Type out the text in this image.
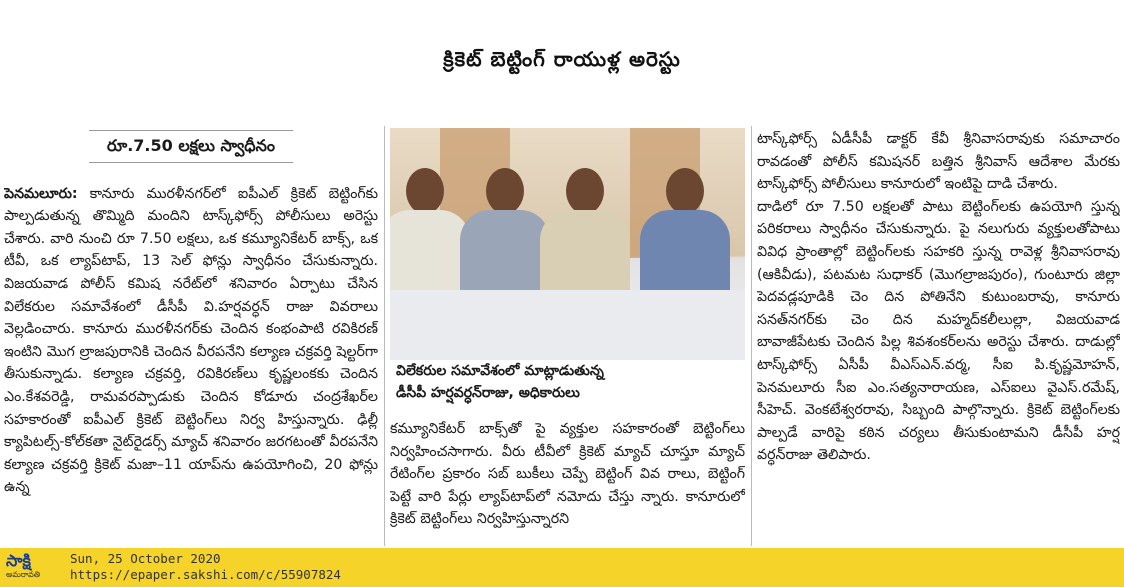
క్రికెట్ బెట్టింగ్ రాయుళ్ల అరెస్టు
రూ.7.50 లక్షలు స్వాధీనం

పెనమలూరు: కానూరు మురళీనగర్‌లో ఐపీఎల్ క్రికెట్ బెట్టింగ్‌కు పాల్పడుతున్న తొమ్మిది మందిని టాస్క్‌ఫోర్స్ పోలీసులు అరెస్టు చేశారు. వారి నుంచి రూ 7.50 లక్షలు, ఒక కమ్యూనికేటర్ బాక్స్, ఒక టీవీ, ఒక ల్యాప్‌టాప్, 13 సెల్ ఫోన్లు స్వాధీనం చేసుకున్నారు. విజయవాడ పోలీస్ కమిష నరేట్‌లో శనివారం ఏర్పాటు చేసిన విలేకరుల సమావేశంలో డీసీపీ వి.హర్షవర్ధన్ రాజు వివరాలు వెల్లడించారు. కానూరు మురళీనగర్‌కు చెందిన కంభంపాటి రవికిరణ్ ఇంటిని మొగ ల్రాజపురానికి చెందిన వీరపనేని కల్యాణ చక్రవర్తి షెల్టర్‌గా తీసుకున్నాడు. కల్యాణ చక్రవర్తి, రవికిరణ్‌లు కృష్ణలంకకు చెందిన ఎం.కేశవరెడ్డి, రామవరప్పాడుకు చెందిన కోడూరు చంద్రశేఖర్‌ల సహకారంతో ఐపీఎల్ క్రికెట్ బెట్టింగ్‌లు నిర్వ హిస్తున్నారు. ఢిల్లీ క్యాపిటల్స్-కోల్‌కతా నైట్‌రైడర్స్ మ్యాచ్ శనివారం జరగటంతో వీరపనేని కల్యాణ చక్రవర్తి క్రికెట్ మజా–11 యాప్‌ను ఉపయోగించి, 20 ఫోన్లు ఉన్న

విలేకరుల సమావేశంలో మాట్లాడుతున్న
డీసీపీ హర్షవర్ధన్‌రాజు, అధికారులు

కమ్యూనికేటర్ బాక్స్‌తో పై వ్యక్తుల సహకారంతో బెట్టింగ్‌లు నిర్వహించసాగారు. వీరు టీవీలో క్రికెట్ మ్యాచ్ చూస్తూ మ్యాచ్ రేటింగ్‌ల ప్రకారం సబ్ బుకీలు చెప్పే బెట్టింగ్ వివ రాలు, బెట్టింగ్ పెట్టే వారి పేర్లు ల్యాప్‌టాప్‌లో నమోదు చేస్తు న్నారు. కానూరులో క్రికెట్ బెట్టింగ్‌లు నిర్వహిస్తున్నారని

టాస్క్‌ఫోర్స్ ఏడీసీపీ డాక్టర్ కేవీ శ్రీనివాసరావుకు సమాచారం రావడంతో పోలీస్ కమిషనర్ బత్తిన శ్రీనివాస్ ఆదేశాల మేరకు టాస్క్‌ఫోర్స్ పోలీసులు కానూరులో ఇంటిపై దాడి చేశారు.

దాడిలో రూ 7.50 లక్షలతో పాటు బెట్టింగ్‌లకు ఉపయోగి స్తున్న పరికరాలు స్వాధీనం చేసుకున్నారు. పై నలుగురు వ్యక్తులతోపాటు వివిధ ప్రాంతాల్లో బెట్టింగ్‌లకు సహకరి స్తున్న రావెళ్ల శ్రీనివాసరావు (ఆకివీడు), పటమట సుధాకర్ (మొగల్రాజపురం), గుంటూరు జిల్లా పెదవడ్లపూడికి చెం దిన పోతినేని కుటుంబరావు, కానూరు సనత్‌నగర్‌కు చెం దిన మహ్మద్‌కలీలుల్లా, విజయవాడ బావాజీపేటకు చెందిన పిల్ల శివశంకర్‌లను అరెస్టు చేశారు. దాడుల్లో టాస్క్‌ఫోర్స్ ఏసీపీ వీఎస్ఎన్.వర్మ, సీఐ పి.కృష్ణమోహన్, పెనమలూరు సీఐ ఎం.సత్యనారాయణ, ఎస్ఐలు వైఎస్.రమేష్, సీహెచ్. వెంకటేశ్వరరావు, సిబ్బంది పాల్గొన్నారు. క్రికెట్ బెట్టింగ్‌లకు పాల్పడే వారిపై కఠిన చర్యలు తీసుకుంటామని డీసీపీ హర్ష వర్ధన్‌రాజు తెలిపారు.

సాక్షి
అమరావతి
Sun, 25 October 2020
https://epaper.sakshi.com/c/55907824
